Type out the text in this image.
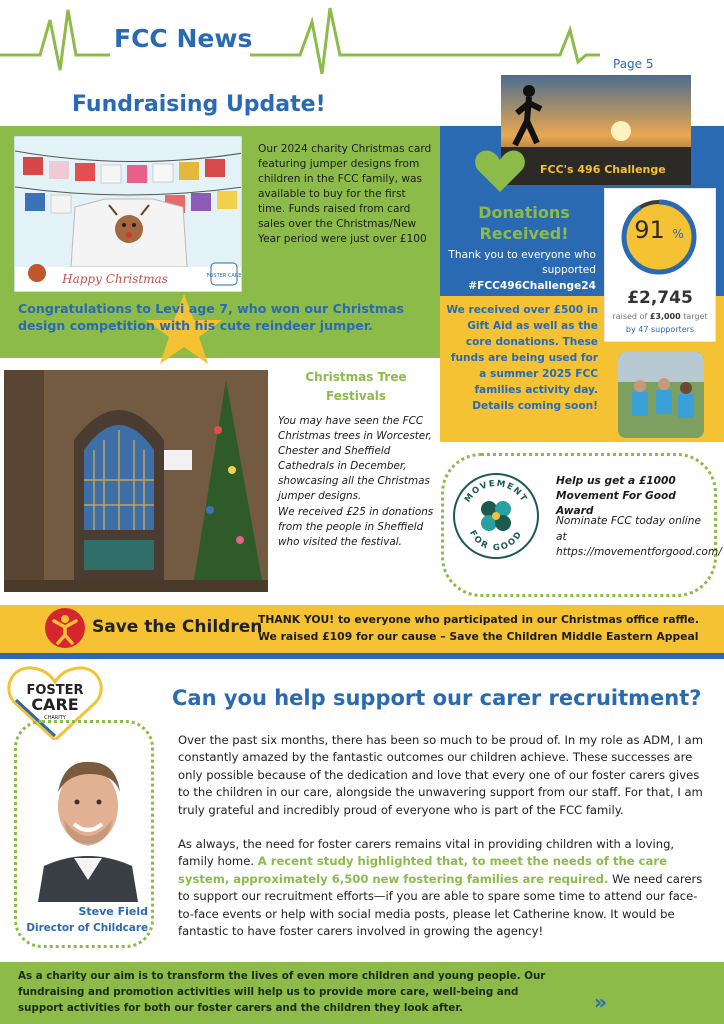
FCC News
Page 5
Fundraising Update!
FOSTER CARE
Happy Christmas
Our 2024 charity Christmas card featuring jumper designs from children in the FCC family, was available to buy for the first time. Funds raised from card sales over the Christmas/New Year period were just over £100
Congratulations to Levi age 7, who won our Christmas design competition with his cute reindeer jumper.
FCC's 496 Challenge
Donations Received!
Thank you to everyone who supported
#FCC496Challenge24
We received over £500 in Gift Aid as well as the core donations. These funds are being used for a summer 2025 FCC families activity day. Details coming soon!
91 %
£2,745
raised of £3,000 target
by 47 supporters
Christmas Tree Festivals
You may have seen the FCC Christmas trees in Worcester, Chester and Sheffield Cathedrals in December, showcasing all the Christmas jumper designs.
We received £25 in donations from the people in Sheffield who visited the festival.
MOVEMENT
FOR GOOD
Help us get a £1000 Movement For Good Award
Nominate FCC today online at https://movementforgood.com/
Save the Children
THANK YOU! to everyone who participated in our Christmas office raffle.
We raised £109 for our cause – Save the Children Middle Eastern Appeal
FOSTER
CARE
CHARITY
Steve Field
Director of Childcare
Can you help support our carer recruitment?
Over the past six months, there has been so much to be proud of. In my role as ADM, I am constantly amazed by the fantastic outcomes our children achieve. These successes are only possible because of the dedication and love that every one of our foster carers gives to the children in our care, alongside the unwavering support from our staff. For that, I am truly grateful and incredibly proud of everyone who is part of the FCC family.
As always, the need for foster carers remains vital in providing children with a loving, family home. A recent study highlighted that, to meet the needs of the care system, approximately 6,500 new fostering families are required. We need carers to support our recruitment efforts—if you are able to spare some time to attend our face-to-face events or help with social media posts, please let Catherine know. It would be fantastic to have foster carers involved in growing the agency!
As a charity our aim is to transform the lives of even more children and young people. Our fundraising and promotion activities will help us to provide more care, well-being and support activities for both our foster carers and the children they look after.	»
